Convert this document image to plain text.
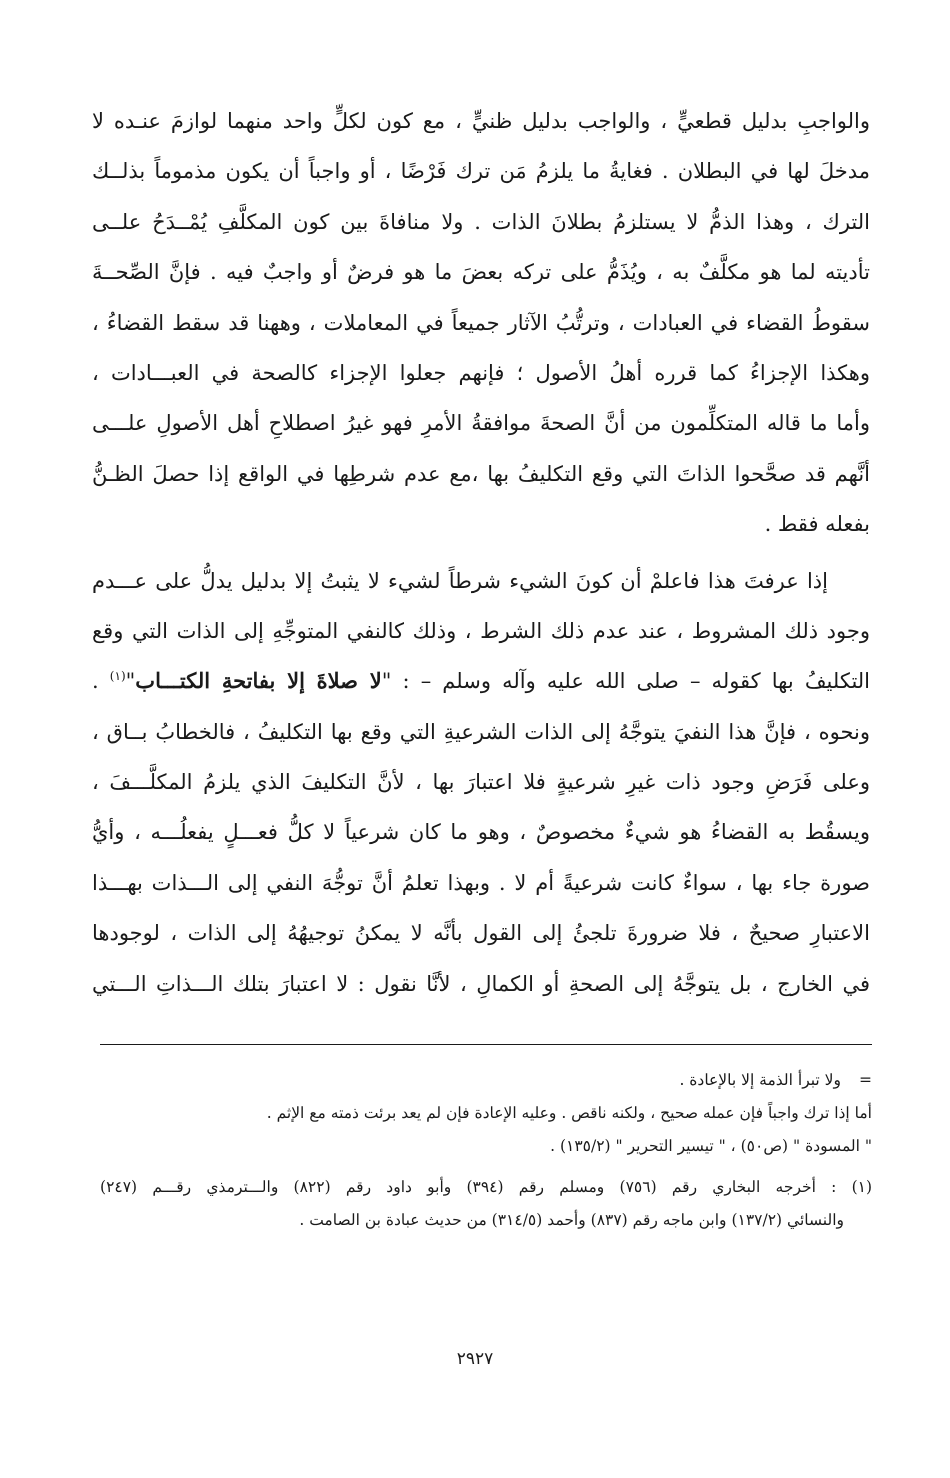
والواجبِ بدليل قطعيٍّ ، والواجب بدليل ظنيٍّ ، مع كون لكلٍّ واحد منهما لوازمَ عنـده لا
مدخلَ لها في البطلان . فغايةُ ما يلزمُ مَن ترك فَرْضًا ، أو واجباً أن يكون مذموماً بذلــك
الترك ، وهذا الذمُّ لا يستلزمُ بطلانَ الذات . ولا منافاةَ بين كون المكلَّفِ يُمْــدَحُ علــى
تأديته لما هو مكلَّفٌ به ، ويُذَمُّ على تركه بعضَ ما هو فرضٌ أو واجبٌ فيه . فإنَّ الصِّحــةَ
سقوطُ القضاء في العبادات ، وترتُّبُ الآثار جميعاً في المعاملات ، وههنا قد سقط القضاءُ ،
وهكذا الإجزاءُ كما قرره أهلُ الأصول ؛ فإنهم جعلوا الإجزاء كالصحة في العبـــادات ،
وأما ما قاله المتكلِّمون من أنَّ الصحةَ موافقةُ الأمرِ فهو غيرُ اصطلاحِ أهل الأصولِ علـــى
أنَّهم قد صحَّحوا الذاتَ التي وقع التكليفُ بها ،مع عدم شرطِها في الواقع إذا حصلَ الظـنُّ
بفعله فقط .
إذا عرفتَ هذا فاعلمْ أن كونَ الشيء شرطاً لشيء لا يثبتُ إلا بدليل يدلُّ على عـــدم
وجود ذلك المشروط ، عند عدم ذلك الشرط ، وذلك كالنفي المتوجِّهِ إلى الذات التي وقع
التكليفُ بها كقوله – صلى الله عليه وآله وسلم – : "لا صلاةَ إلا بفاتحةِ الكتـــاب"$^{(١)}$ .
ونحوه ، فإنَّ هذا النفيَ يتوجَّهُ إلى الذات الشرعيةِ التي وقع بها التكليفُ ، فالخطابُ بــاق ،
وعلى فَرَضِ وجود ذات غيرِ شرعيةٍ فلا اعتبارَ بها ، لأنَّ التكليفَ الذي يلزمُ المكلَّـــفَ ،
ويسقُط به القضاءُ هو شيءٌ مخصوصٌ ، وهو ما كان شرعياً لا كلُّ فعـــلٍ يفعلُـــه ، وأيُّ
صورة جاء بها ، سواءٌ كانت شرعيةً أم لا . وبهذا تعلمُ أنَّ توجُّهَ النفي إلى الـــذات بهـــذا
الاعتبارِ صحيحٌ ، فلا ضرورةَ تلجئُ إلى القول بأنَّه لا يمكنُ توجيهُهُ إلى الذات ، لوجودها
في الخارج ، بل يتوجَّهُ إلى الصحةِ أو الكمالِ ، لأنَّا نقول : لا اعتبارَ بتلك الـــذاتِ الـــتي
=ولا تبرأ الذمة إلا بالإعادة .
أما إذا ترك واجباً فإن عمله صحيح ، ولكنه ناقص . وعليه الإعادة فإن لم يعد برئت ذمته مع الإثم .
" المسودة " (ص٥٠) ، " تيسير التحرير " (١٣٥/٢) .
(١) : أخرجه البخاري رقم (٧٥٦) ومسلم رقم (٣٩٤) وأبو داود رقم (٨٢٢) والـــترمذي رقـــم (٢٤٧)
والنسائي (١٣٧/٢) وابن ماجه رقم (٨٣٧) وأحمد (٣١٤/٥) من حديث عبادة بن الصامت .
٢٩٢٧
